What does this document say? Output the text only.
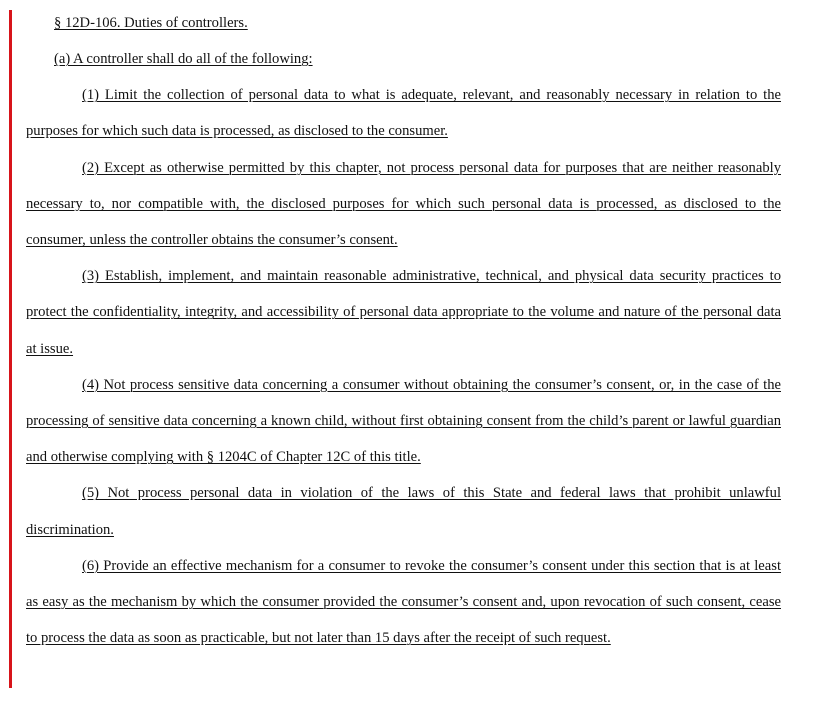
§ 12D-106. Duties of controllers.

(a) A controller shall do all of the following:

(1) Limit the collection of personal data to what is adequate, relevant, and reasonably necessary in relation to the purposes for which such data is processed, as disclosed to the consumer.

(2) Except as otherwise permitted by this chapter, not process personal data for purposes that are neither reasonably necessary to, nor compatible with, the disclosed purposes for which such personal data is processed, as disclosed to the consumer, unless the controller obtains the consumer’s consent.

(3) Establish, implement, and maintain reasonable administrative, technical, and physical data security practices to protect the confidentiality, integrity, and accessibility of personal data appropriate to the volume and nature of the personal data at issue.

(4) Not process sensitive data concerning a consumer without obtaining the consumer’s consent, or, in the case of the processing of sensitive data concerning a known child, without first obtaining consent from the child’s parent or lawful guardian and otherwise complying with § 1204C of Chapter 12C of this title.

(5) Not process personal data in violation of the laws of this State and federal laws that prohibit unlawful discrimination.

(6) Provide an effective mechanism for a consumer to revoke the consumer’s consent under this section that is at least as easy as the mechanism by which the consumer provided the consumer’s consent and, upon revocation of such consent, cease to process the data as soon as practicable, but not later than 15 days after the receipt of such request.
